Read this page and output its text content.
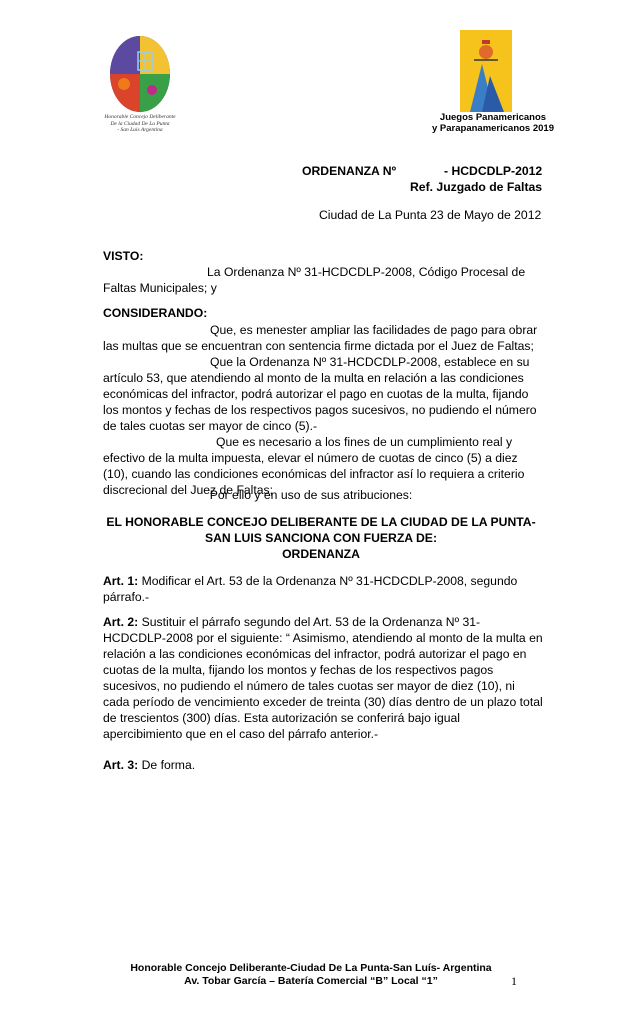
Honorable Concejo Deliberante
De la Ciudad De La Punta
- San Luis Argentina
Juegos Panamericanos
y Parapanamericanos 2019
ORDENANZA Nº	- HCDCDLP-2012
Ref. Juzgado de Faltas
Ciudad de La Punta 23 de Mayo de 2012
VISTO:
La Ordenanza Nº 31-HCDCDLP-2008, Código Procesal de
Faltas Municipales; y
CONSIDERANDO:
Que, es menester ampliar las facilidades de pago para obrar
las multas que se encuentran con sentencia firme dictada por el Juez de Faltas;
Que la Ordenanza Nº 31-HCDCDLP-2008, establece en su
artículo 53, que atendiendo al monto de la multa en relación a las condiciones
económicas del infractor, podrá autorizar el pago en cuotas de la multa, fijando
los montos y fechas de los respectivos pagos sucesivos, no pudiendo el número
de tales cuotas ser mayor de cinco (5).-
Que es necesario a los fines de un cumplimiento real y
efectivo de la multa impuesta, elevar el número de cuotas de cinco (5) a diez
(10), cuando las condiciones económicas del infractor así lo requiera a criterio
discrecional del Juez de Faltas;
Por ello y en uso de sus atribuciones:
EL HONORABLE CONCEJO DELIBERANTE DE LA CIUDAD DE LA PUNTA-
SAN LUIS SANCIONA CON FUERZA DE:
ORDENANZA
Art. 1: Modificar el Art. 53 de la Ordenanza Nº 31-HCDCDLP-2008, segundo
párrafo.-
Art. 2: Sustituir el párrafo segundo del Art. 53 de la Ordenanza Nº 31-
HCDCDLP-2008 por el siguiente: “ Asimismo, atendiendo al monto de la multa en
relación a las condiciones económicas del infractor, podrá autorizar el pago en
cuotas de la multa, fijando los montos y fechas de los respectivos pagos
sucesivos, no pudiendo el número de tales cuotas ser mayor de diez (10), ni
cada período de vencimiento exceder de treinta (30) días dentro de un plazo total
de trescientos (300) días. Esta autorización se conferirá bajo igual
apercibimiento que en el caso del párrafo anterior.-
Art. 3: De forma.
Honorable Concejo Deliberante-Ciudad De La Punta-San Luís- Argentina
Av. Tobar García – Batería Comercial “B” Local “1”	1
